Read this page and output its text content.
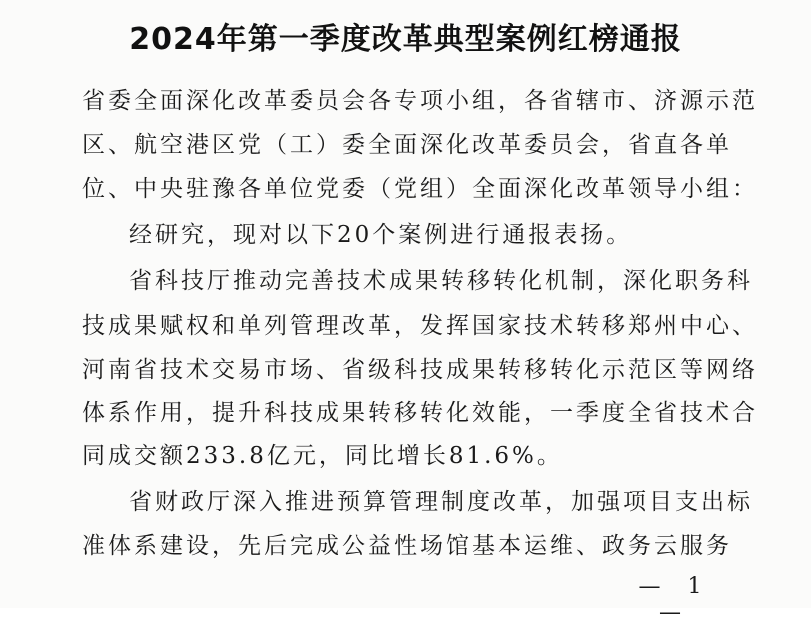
2024年第一季度改革典型案例红榜通报
省委全面深化改革委员会各专项小组，各省辖市、济源示范
区、航空港区党（工）委全面深化改革委员会，省直各单
位、中央驻豫各单位党委（党组）全面深化改革领导小组：
经研究，现对以下20个案例进行通报表扬。
省科技厅推动完善技术成果转移转化机制，深化职务科
技成果赋权和单列管理改革，发挥国家技术转移郑州中心、
河南省技术交易市场、省级科技成果转移转化示范区等网络
体系作用，提升科技成果转移转化效能，一季度全省技术合
同成交额233.8亿元，同比增长81.6%。
省财政厅深入推进预算管理制度改革，加强项目支出标
准体系建设，先后完成公益性场馆基本运维、政务云服务
— 1 —
